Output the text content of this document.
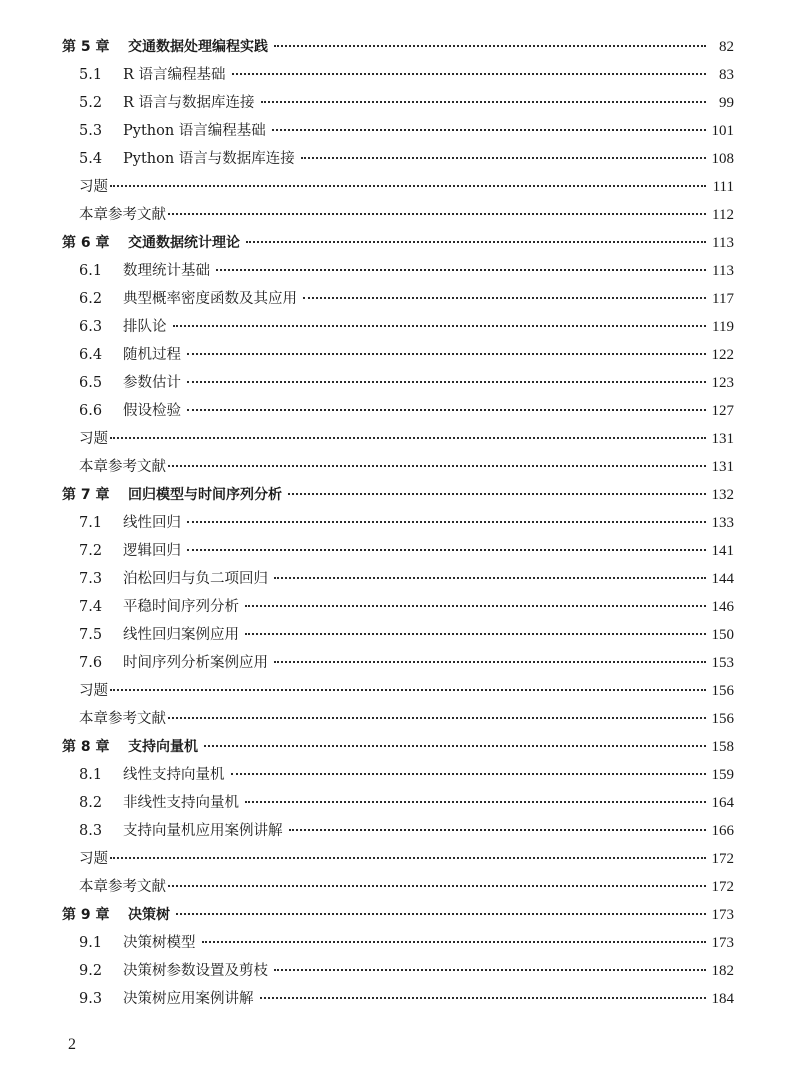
第 5 章	交通数据处理编程实践	82
5.1	R 语言编程基础	83
5.2	R 语言与数据库连接	99
5.3	Python 语言编程基础	101
5.4	Python 语言与数据库连接	108
习题	111
本章参考文献	112
第 6 章	交通数据统计理论	113
6.1	数理统计基础	113
6.2	典型概率密度函数及其应用	117
6.3	排队论	119
6.4	随机过程	122
6.5	参数估计	123
6.6	假设检验	127
习题	131
本章参考文献	131
第 7 章	回归模型与时间序列分析	132
7.1	线性回归	133
7.2	逻辑回归	141
7.3	泊松回归与负二项回归	144
7.4	平稳时间序列分析	146
7.5	线性回归案例应用	150
7.6	时间序列分析案例应用	153
习题	156
本章参考文献	156
第 8 章	支持向量机	158
8.1	线性支持向量机	159
8.2	非线性支持向量机	164
8.3	支持向量机应用案例讲解	166
习题	172
本章参考文献	172
第 9 章	决策树	173
9.1	决策树模型	173
9.2	决策树参数设置及剪枝	182
9.3	决策树应用案例讲解	184
2
